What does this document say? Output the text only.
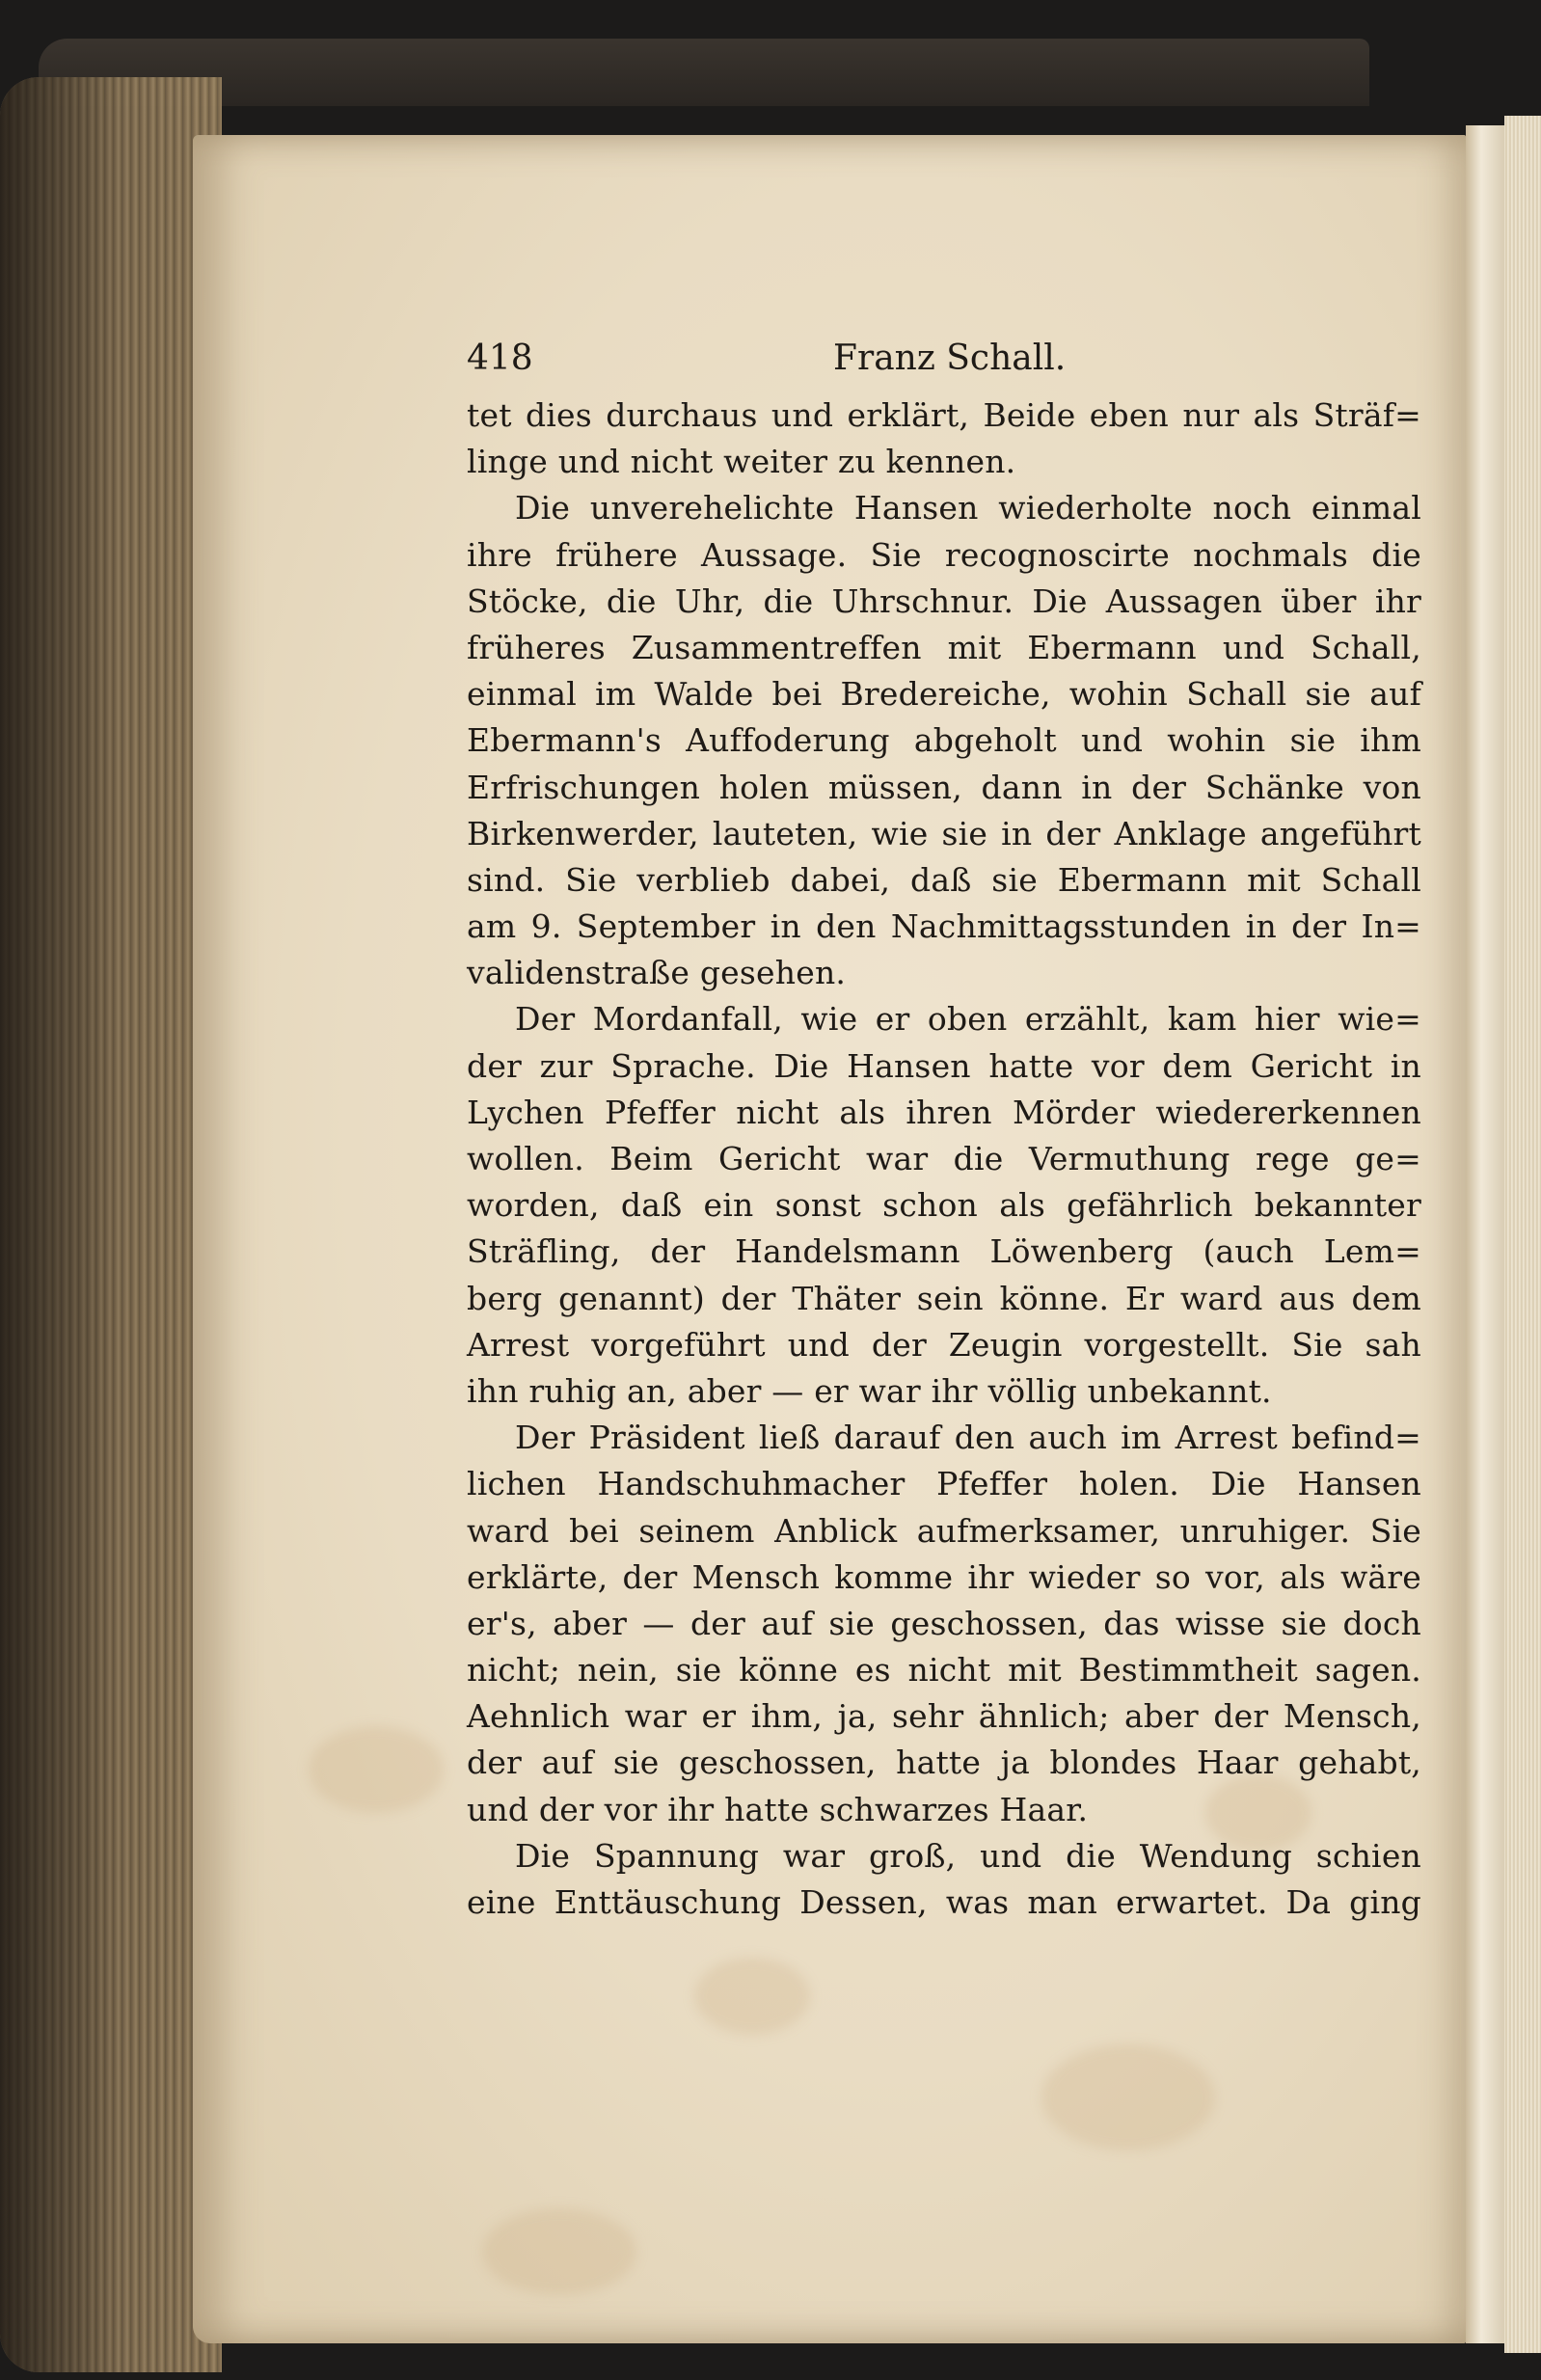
418	Franz Schall.
tet dies durchaus und erklärt, Beide eben nur als Sträf=
linge und nicht weiter zu kennen.
Die unverehelichte Hansen wiederholte noch einmal
ihre frühere Aussage. Sie recognoscirte nochmals die
Stöcke, die Uhr, die Uhrschnur. Die Aussagen über ihr
früheres Zusammentreffen mit Ebermann und Schall,
einmal im Walde bei Bredereiche, wohin Schall sie auf
Ebermann's Auffoderung abgeholt und wohin sie ihm
Erfrischungen holen müssen, dann in der Schänke von
Birkenwerder, lauteten, wie sie in der Anklage angeführt
sind. Sie verblieb dabei, daß sie Ebermann mit Schall
am 9. September in den Nachmittagsstunden in der In=
validenstraße gesehen.
Der Mordanfall, wie er oben erzählt, kam hier wie=
der zur Sprache. Die Hansen hatte vor dem Gericht in
Lychen Pfeffer nicht als ihren Mörder wiedererkennen
wollen. Beim Gericht war die Vermuthung rege ge=
worden, daß ein sonst schon als gefährlich bekannter
Sträfling, der Handelsmann Löwenberg (auch Lem=
berg genannt) der Thäter sein könne. Er ward aus dem
Arrest vorgeführt und der Zeugin vorgestellt. Sie sah
ihn ruhig an, aber — er war ihr völlig unbekannt.
Der Präsident ließ darauf den auch im Arrest befind=
lichen Handschuhmacher Pfeffer holen. Die Hansen
ward bei seinem Anblick aufmerksamer, unruhiger. Sie
erklärte, der Mensch komme ihr wieder so vor, als wäre
er's, aber — der auf sie geschossen, das wisse sie doch
nicht; nein, sie könne es nicht mit Bestimmtheit sagen.
Aehnlich war er ihm, ja, sehr ähnlich; aber der Mensch,
der auf sie geschossen, hatte ja blondes Haar gehabt,
und der vor ihr hatte schwarzes Haar.
Die Spannung war groß, und die Wendung schien
eine Enttäuschung Dessen, was man erwartet. Da ging
